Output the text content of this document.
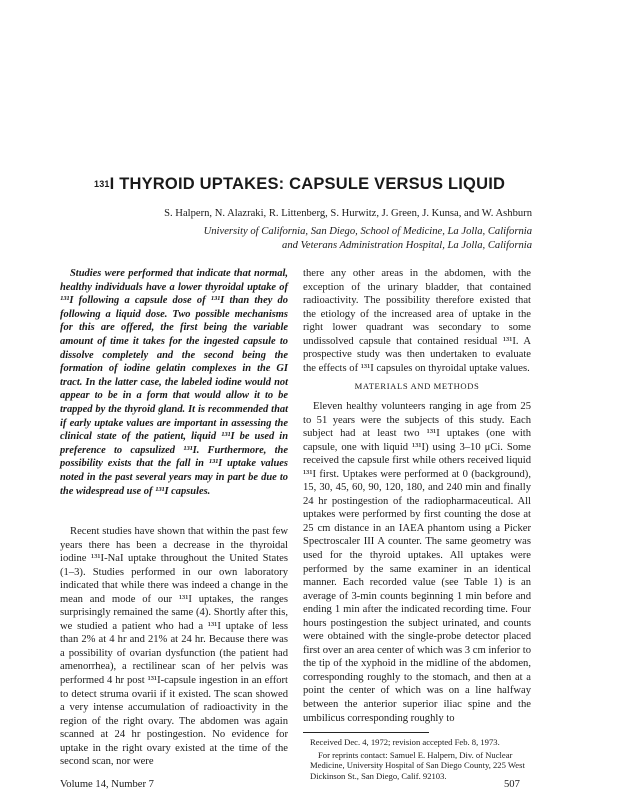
$^{131}$I THYROID UPTAKES: CAPSULE VERSUS LIQUID
S. Halpern, N. Alazraki, R. Littenberg, S. Hurwitz, J. Green, J. Kunsa, and W. Ashburn
University of California, San Diego, School of Medicine, La Jolla, California
and Veterans Administration Hospital, La Jolla, California
Studies were performed that indicate that normal, healthy individuals have a lower thyroidal uptake of ¹³¹I following a capsule dose of ¹³¹I than they do following a liquid dose. Two possible mechanisms for this are offered, the first being the variable amount of time it takes for the ingested capsule to dissolve completely and the second being the formation of iodine gelatin complexes in the GI tract. In the latter case, the labeled iodine would not appear to be in a form that would allow it to be trapped by the thyroid gland. It is recommended that if early uptake values are important in assessing the clinical state of the patient, liquid ¹³¹I be used in preference to capsulized ¹³¹I. Furthermore, the possibility exists that the fall in ¹³¹I uptake values noted in the past several years may in part be due to the widespread use of ¹³¹I capsules.

Recent studies have shown that within the past few years there has been a decrease in the thyroidal iodine ¹³¹I-NaI uptake throughout the United States (1–3). Studies performed in our own laboratory indicated that while there was indeed a change in the mean and mode of our ¹³¹I uptakes, the ranges surprisingly remained the same (4). Shortly after this, we studied a patient who had a ¹³¹I uptake of less than 2% at 4 hr and 21% at 24 hr. Because there was a possibility of ovarian dysfunction (the patient had amenorrhea), a rectilinear scan of her pelvis was performed 4 hr post ¹³¹I-capsule ingestion in an effort to detect struma ovarii if it existed. The scan showed a very intense accumulation of radioactivity in the region of the right ovary. The abdomen was again scanned at 24 hr postingestion. No evidence for uptake in the right ovary existed at the time of the second scan, nor were

there any other areas in the abdomen, with the exception of the urinary bladder, that contained radioactivity. The possibility therefore existed that the etiology of the increased area of uptake in the right lower quadrant was secondary to some undissolved capsule that contained residual ¹³¹I. A prospective study was then undertaken to evaluate the effects of ¹³¹I capsules on thyroidal uptake values.

MATERIALS AND METHODS

Eleven healthy volunteers ranging in age from 25 to 51 years were the subjects of this study. Each subject had at least two ¹³¹I uptakes (one with capsule, one with liquid ¹³¹I) using 3–10 μCi. Some received the capsule first while others received liquid ¹³¹I first. Uptakes were performed at 0 (background), 15, 30, 45, 60, 90, 120, 180, and 240 min and finally 24 hr postingestion of the radiopharmaceutical. All uptakes were performed by first counting the dose at 25 cm distance in an IAEA phantom using a Picker Spectroscaler III A counter. The same geometry was used for the thyroid uptakes. All uptakes were performed by the same examiner in an identical manner. Each recorded value (see Table 1) is an average of 3-min counts beginning 1 min before and ending 1 min after the indicated recording time. Four hours postingestion the subject urinated, and counts were obtained with the single-probe detector placed first over an area center of which was 3 cm inferior to the tip of the xyphoid in the midline of the abdomen, corresponding roughly to the stomach, and then at a point the center of which was on a line halfway between the anterior superior iliac spine and the umbilicus corresponding roughly to

Received Dec. 4, 1972; revision accepted Feb. 8, 1973.

For reprints contact: Samuel E. Halpern, Div. of Nuclear Medicine, University Hospital of San Diego County, 225 West Dickinson St., San Diego, Calif. 92103.

Volume 14, Number 7	507
